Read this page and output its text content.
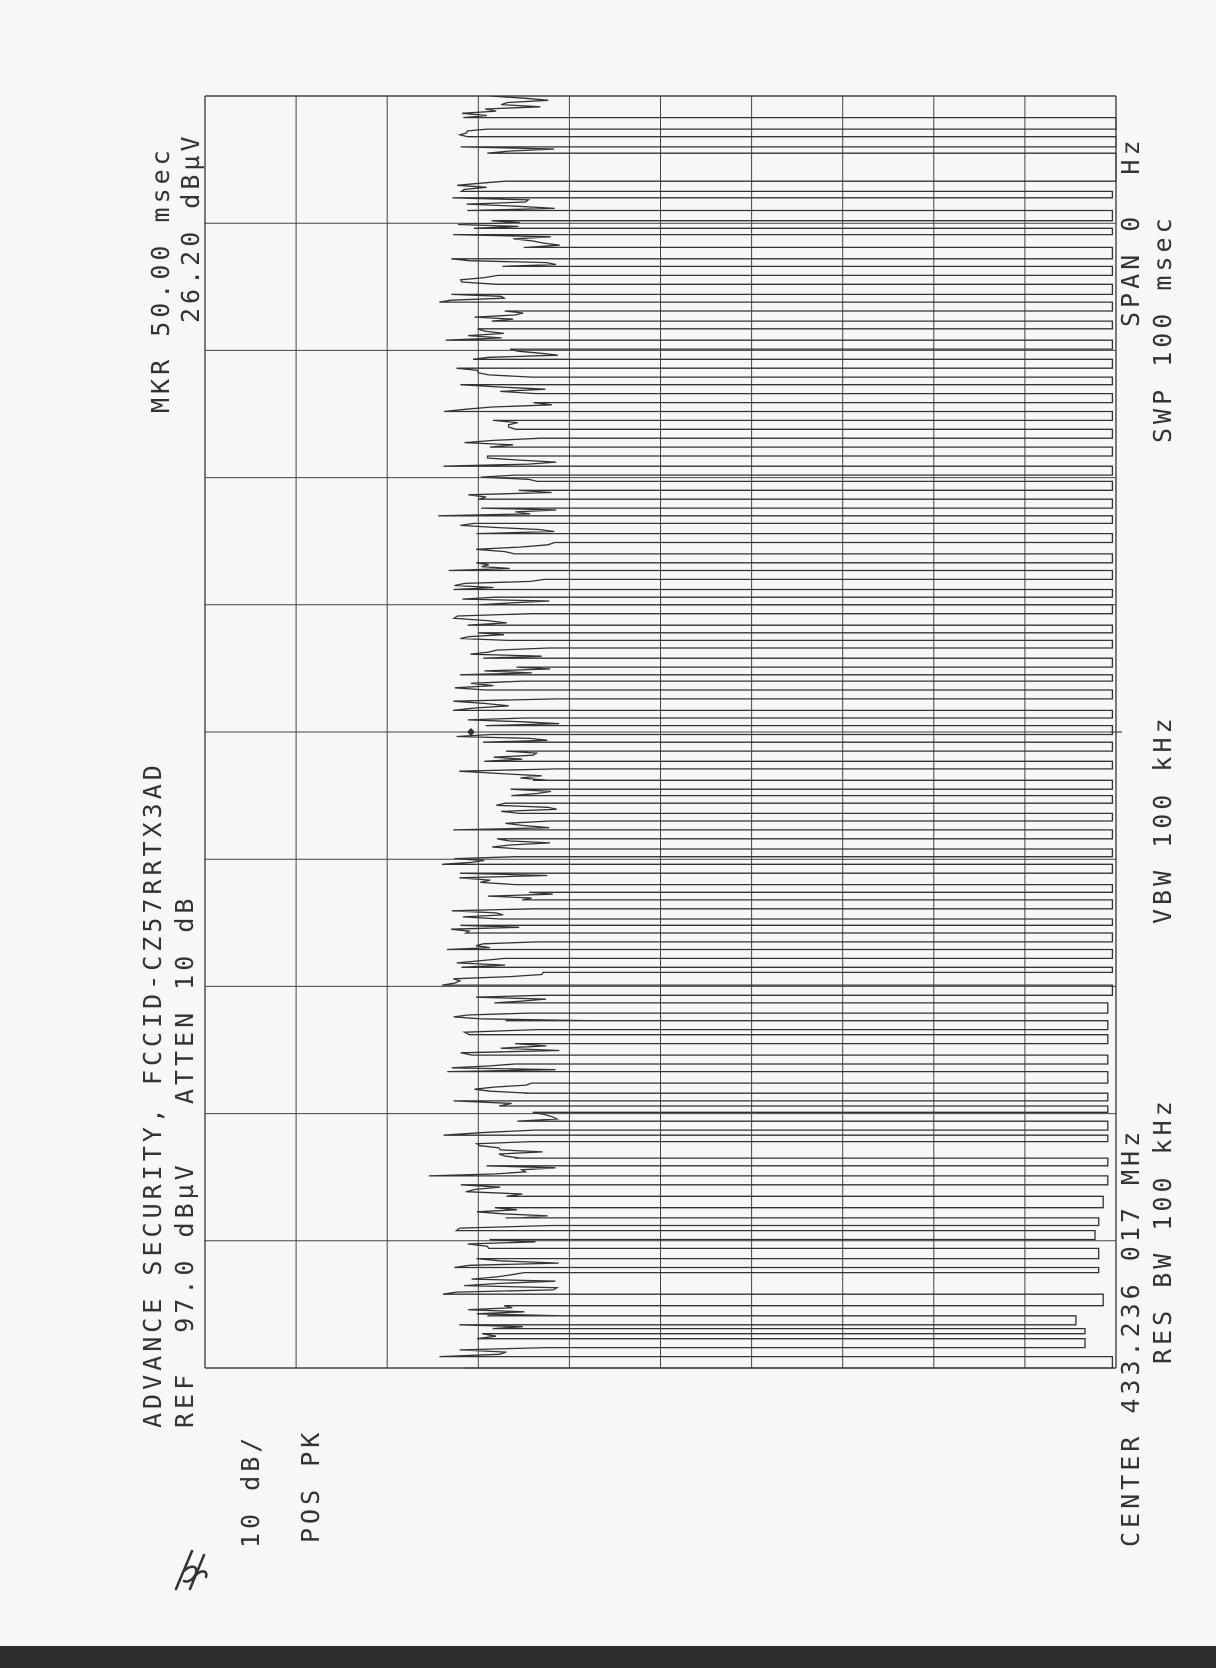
ADVANCE SECURITY, FCCID-CZ57RRTX3AD REF  97.0 dBµV   ATTEN 10 dB
10 dB/ POS PK
MKR 50.00 msec 26.20 dBµV
CENTER 433.236 017 MHz RES BW 100 kHz
VBW 100 kHz
SPAN 0  Hz SWP 100 msec
